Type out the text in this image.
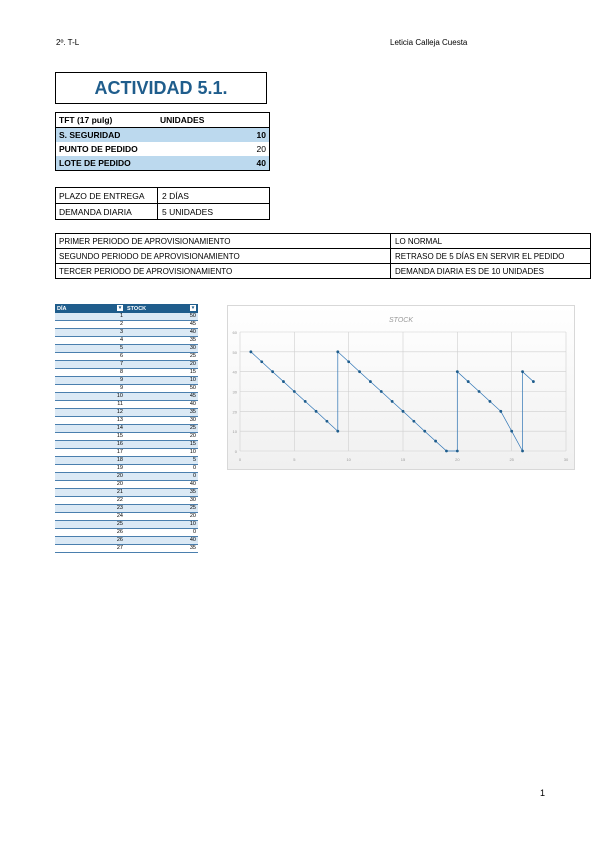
2º. T-L	Leticia Calleja Cuesta
ACTIVIDAD 5.1.
TFT (17 pulg)	UNIDADES
S. SEGURIDAD	10
PUNTO DE PEDIDO	20
LOTE DE PEDIDO	40
PLAZO DE ENTREGA	2 DÍAS
DEMANDA DIARIA	5 UNIDADES
PRIMER PERIODO DE APROVISIONAMIENTO	LO NORMAL
SEGUNDO PERIODO DE APROVISIONAMIENTO	RETRASO DE 5 DÍAS EN SERVIR EL PEDIDO
TERCER PERIODO DE APROVISIONAMIENTO	DEMANDA DIARIA ES DE 10 UNIDADES
DÍA ▾	STOCK ▾

1	50
2	45
3	40
4	35
5	30
6	25
7	20
8	15
9	10
9	50
10	45
11	40
12	35
13	30
14	25
15	20
16	15
17	10
18	5
19	0
20	0
20	40
21	35
22	30
23	25
24	20
25	10
26	0
26	40
27	35
STOCK
0
10
20
30
40
50
60
0	5	10	15	20	25	30
1
